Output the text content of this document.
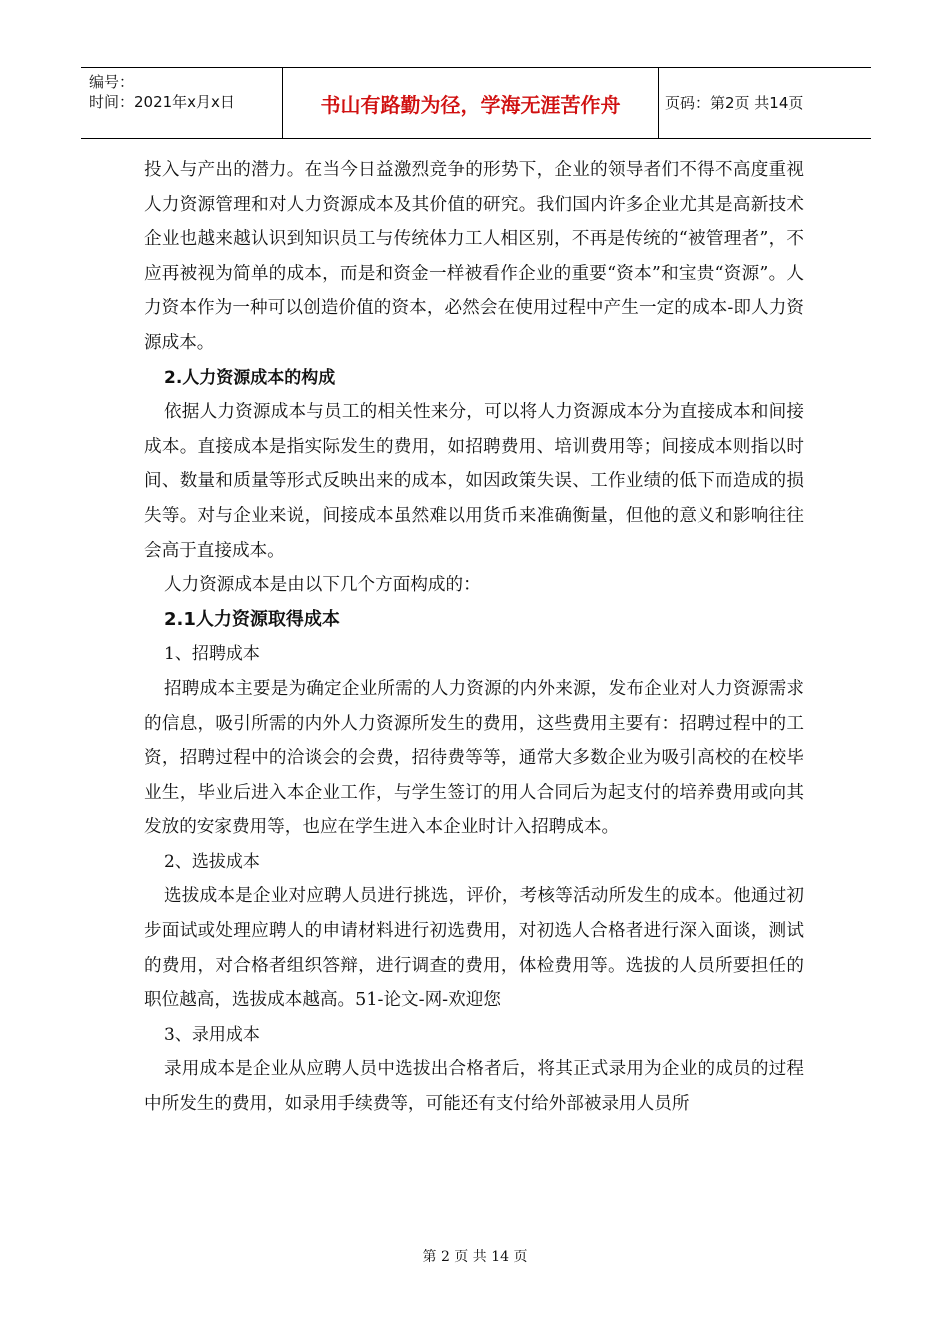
编号：
时间：2021年x月x日	书山有路勤为径，学海无涯苦作舟	页码：第2页 共14页

投入与产出的潜力。在当今日益激烈竞争的形势下，企业的领导者们不得不高度重视人力资源管理和对人力资源成本及其价值的研究。我们国内许多企业尤其是高新技术企业也越来越认识到知识员工与传统体力工人相区别，不再是传统的“被管理者”，不应再被视为简单的成本，而是和资金一样被看作企业的重要“资本”和宝贵“资源”。人力资本作为一种可以创造价值的资本，必然会在使用过程中产生一定的成本-即人力资源成本。

2.人力资源成本的构成

依据人力资源成本与员工的相关性来分，可以将人力资源成本分为直接成本和间接成本。直接成本是指实际发生的费用，如招聘费用、培训费用等；间接成本则指以时间、数量和质量等形式反映出来的成本，如因政策失误、工作业绩的低下而造成的损失等。对与企业来说，间接成本虽然难以用货币来准确衡量，但他的意义和影响往往会高于直接成本。

人力资源成本是由以下几个方面构成的：

2.1人力资源取得成本

1、招聘成本

招聘成本主要是为确定企业所需的人力资源的内外来源，发布企业对人力资源需求的信息，吸引所需的内外人力资源所发生的费用，这些费用主要有：招聘过程中的工资，招聘过程中的洽谈会的会费，招待费等等，通常大多数企业为吸引高校的在校毕业生，毕业后进入本企业工作，与学生签订的用人合同后为起支付的培养费用或向其发放的安家费用等，也应在学生进入本企业时计入招聘成本。

2、选拔成本

选拔成本是企业对应聘人员进行挑选，评价，考核等活动所发生的成本。他通过初步面试或处理应聘人的申请材料进行初选费用，对初选人合格者进行深入面谈，测试的费用，对合格者组织答辩，进行调查的费用，体检费用等。选拔的人员所要担任的职位越高，选拔成本越高。51-论文-网-欢迎您

3、录用成本

录用成本是企业从应聘人员中选拔出合格者后，将其正式录用为企业的成员的过程中所发生的费用，如录用手续费等，可能还有支付给外部被录用人员所

第 2 页 共 14 页
